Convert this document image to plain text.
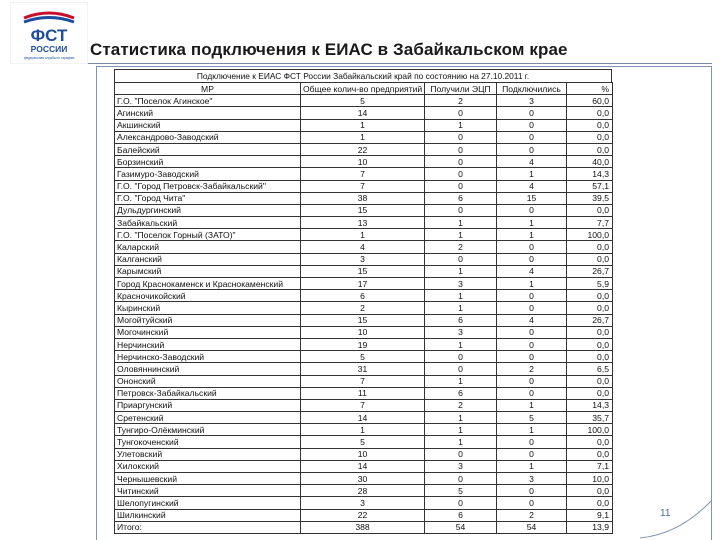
ФСТ
РОССИИ
федеральная служба по тарифам Статистика подключения к ЕИАС в Забайкальском крае
Подключение к ЕИАС ФСТ России Забайкальский край по состоянию на 27.10.2011 г.
МР	Общее колич-во предприятий	Получили ЭЦП	Подключились	%
Г.О. "Поселок Агинское"	5	2	3	60,0
Агинский	14	0	0	0,0
Акшинский	1	1	0	0,0
Александрово-Заводский	1	0	0	0,0
Балейский	22	0	0	0,0
Борзинский	10	0	4	40,0
Газимуро-Заводский	7	0	1	14,3
Г.О. "Город Петровск-Забайкальский"	7	0	4	57,1
Г.О. "Город Чита"	38	6	15	39,5
Дульдургинский	15	0	0	0,0
Забайкальский	13	1	1	7,7
Г.О. "Поселок Горный (ЗАТО)"	1	1	1	100,0
Каларский	4	2	0	0,0
Калганский	3	0	0	0,0
Карымский	15	1	4	26,7
Город Краснокаменск и Краснокаменский	17	3	1	5,9
Красночикойский	6	1	0	0,0
Кыринский	2	1	0	0,0
Могойтуйский	15	6	4	26,7
Могочинский	10	3	0	0,0
Нерчинский	19	1	0	0,0
Нерчинско-Заводский	5	0	0	0,0
Оловяннинский	31	0	2	6,5
Ононский	7	1	0	0,0
Петровск-Забайкальский	11	6	0	0,0
Приаргунский	7	2	1	14,3
Сретенский	14	1	5	35,7
Тунгиро-Олёкминский	1	1	1	100,0
Тунгокоченский	5	1	0	0,0
Улетовский	10	0	0	0,0
Хилокский	14	3	1	7,1
Чернышевский	30	0	3	10,0
Читинский	28	5	0	0,0
Шелопугинский	3	0	0	0,0
Шилкинский	22	6	2	9,1
Итого:	388	54	54	13,9
11
